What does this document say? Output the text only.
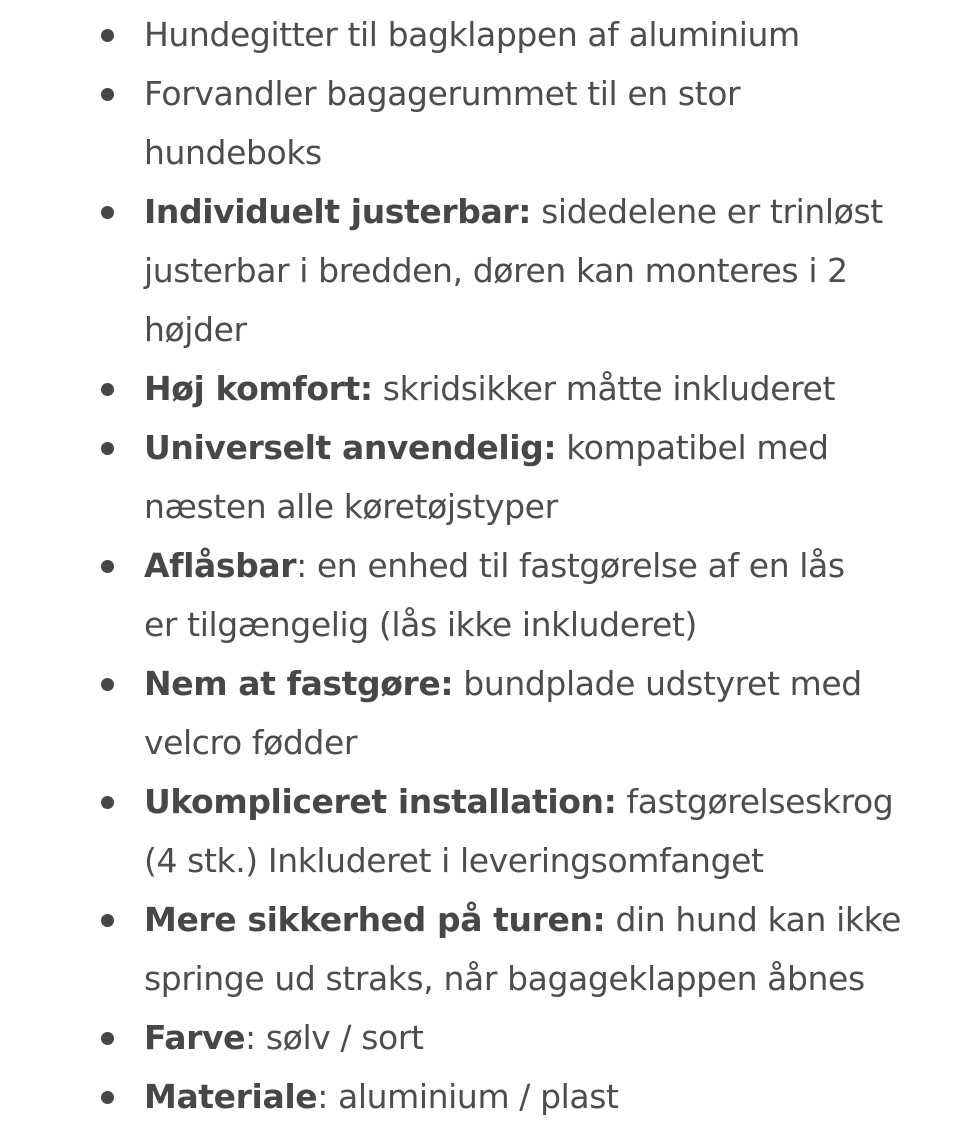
Hundegitter til bagklappen af aluminium
Forvandler bagagerummet til en stor
hundeboks
Individuelt justerbar: sidedelene er trinløst
justerbar i bredden, døren kan monteres i 2
højder
Høj komfort: skridsikker måtte inkluderet
Universelt anvendelig: kompatibel med
næsten alle køretøjstyper
Aflåsbar: en enhed til fastgørelse af en lås
er tilgængelig (lås ikke inkluderet)
Nem at fastgøre: bundplade udstyret med
velcro fødder
Ukompliceret installation: fastgørelseskrog
(4 stk.) Inkluderet i leveringsomfanget
Mere sikkerhed på turen: din hund kan ikke
springe ud straks, når bagageklappen åbnes
Farve: sølv / sort
Materiale: aluminium / plast
